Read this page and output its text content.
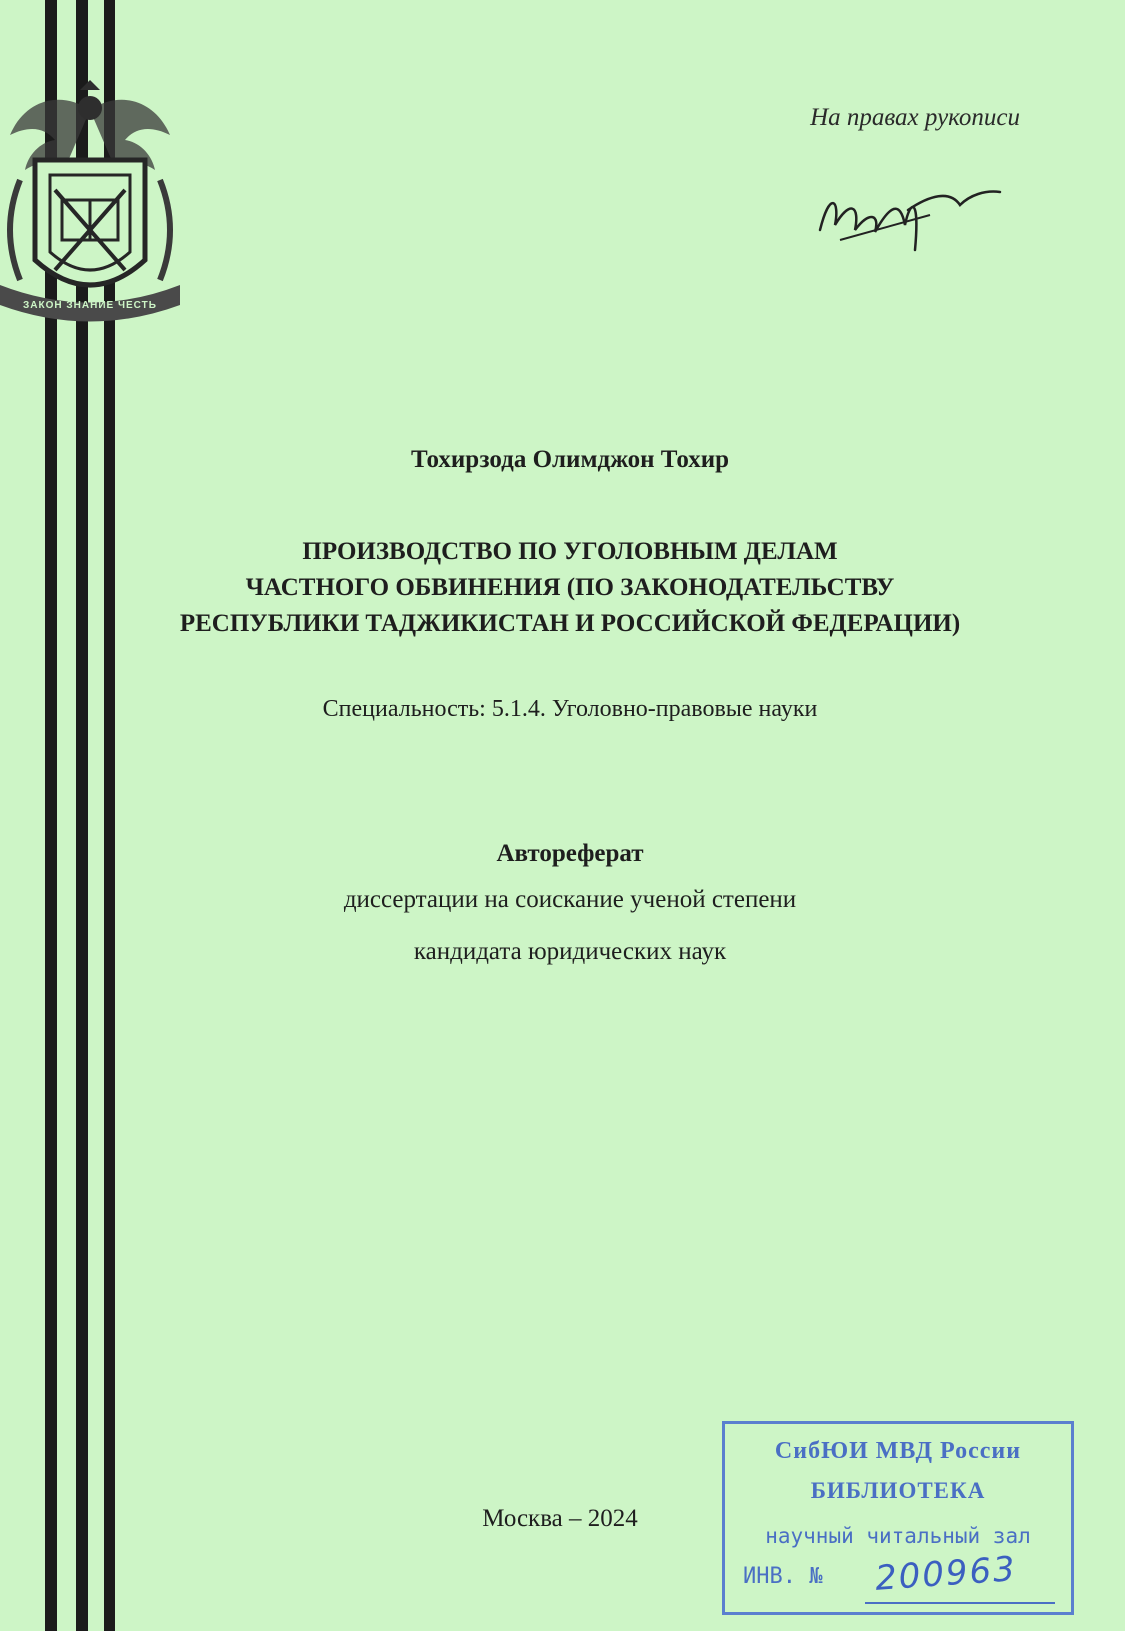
ЗАКОН ЗНАНИЕ ЧЕСТЬ
На правах рукописи
Тохирзода Олимджон Тохир
ПРОИЗВОДСТВО ПО УГОЛОВНЫМ ДЕЛАМ
ЧАСТНОГО ОБВИНЕНИЯ (ПО ЗАКОНОДАТЕЛЬСТВУ
РЕСПУБЛИКИ ТАДЖИКИСТАН И РОССИЙСКОЙ ФЕДЕРАЦИИ)
Специальность: 5.1.4. Уголовно-правовые науки
Автореферат
диссертации на соискание ученой степени
кандидата юридических наук
Москва – 2024
СибЮИ МВД России
БИБЛИОТЕКА
научный читальный зал
ИНВ. № 200963
